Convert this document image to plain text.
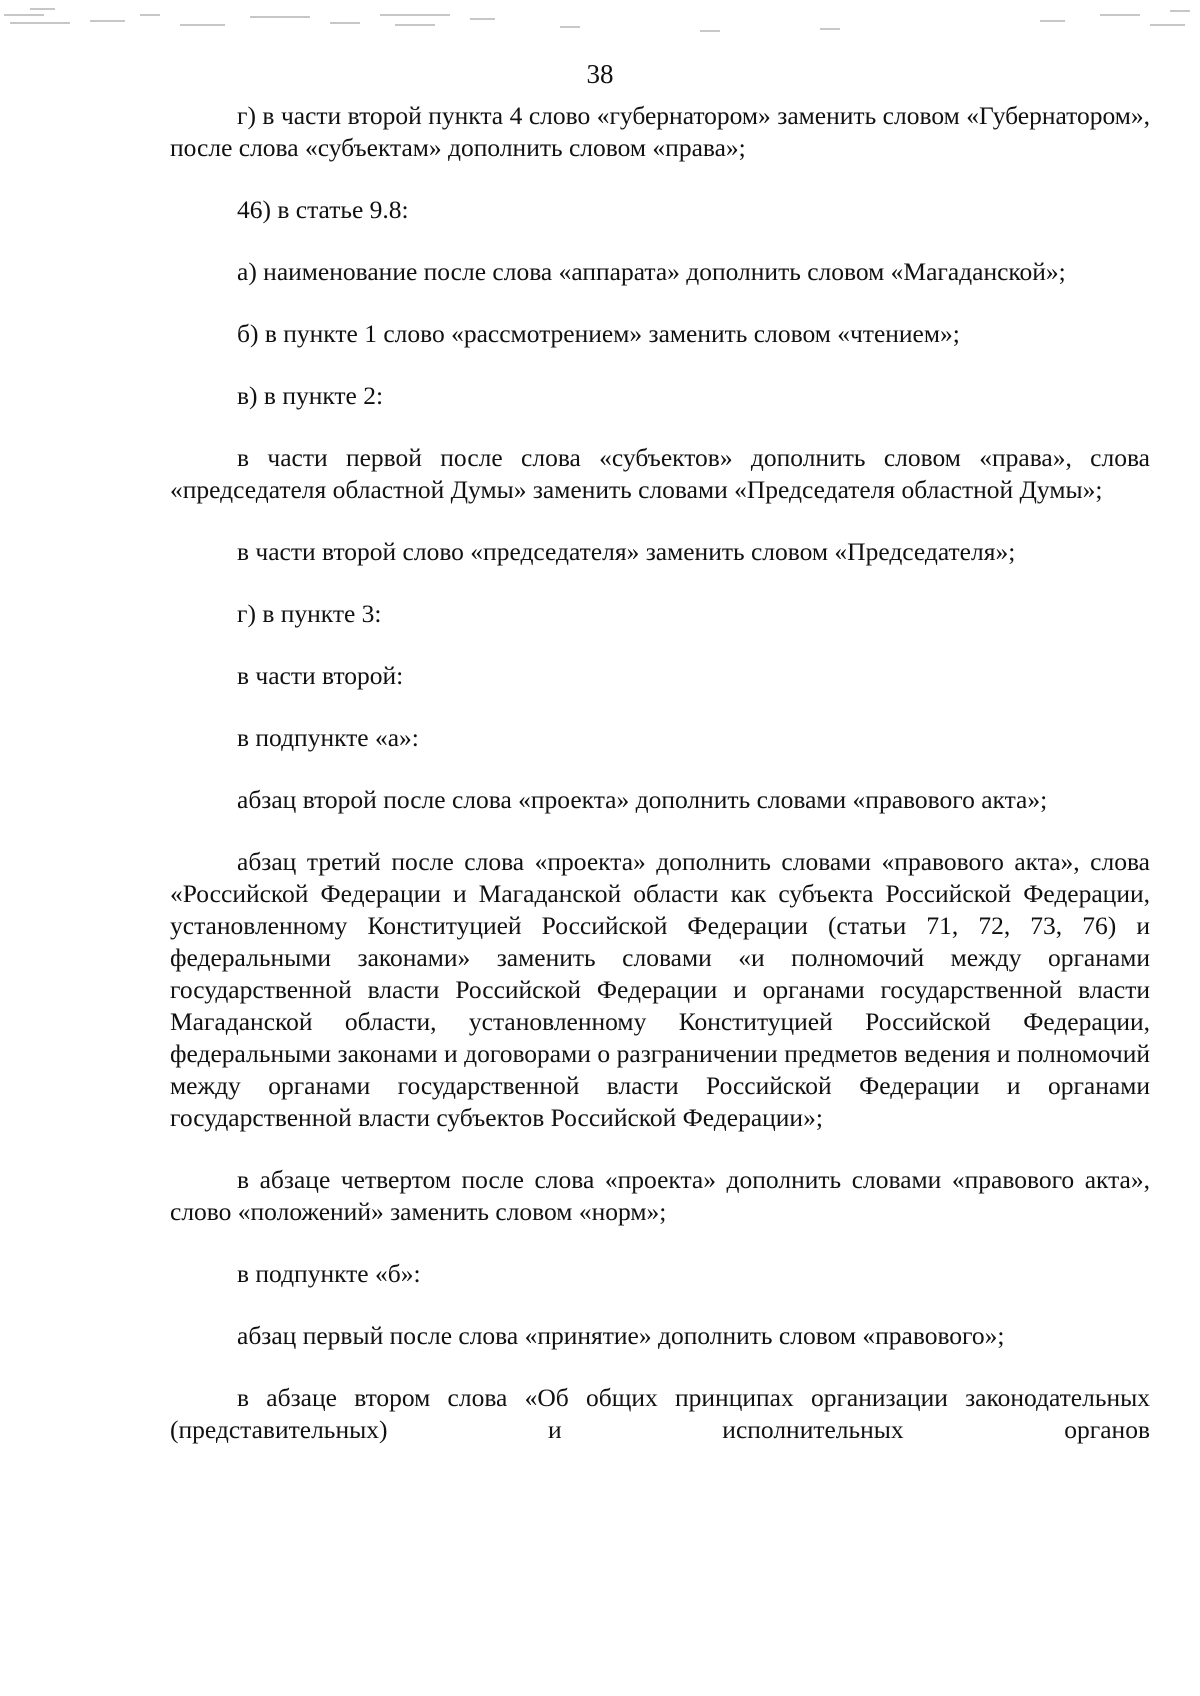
38

г) в части второй пункта 4 слово «губернатором» заменить словом «Губернатором», после слова «субъектам» дополнить словом «права»;

46) в статье 9.8:

а) наименование после слова «аппарата» дополнить словом «Магаданской»;

б) в пункте 1 слово «рассмотрением» заменить словом «чтением»;

в) в пункте 2:

в части первой после слова «субъектов» дополнить словом «права», слова «председателя областной Думы» заменить словами «Председателя областной Думы»;

в части второй слово «председателя» заменить словом «Председателя»;

г) в пункте 3:

в части второй:

в подпункте «а»:

абзац второй после слова «проекта» дополнить словами «правового акта»;

абзац третий после слова «проекта» дополнить словами «правового акта», слова «Российской Федерации и Магаданской области как субъекта Российской Федерации, установленному Конституцией Российской Федерации (статьи 71, 72, 73, 76) и федеральными законами» заменить словами «и полномочий между органами государственной власти Российской Федерации и органами государственной власти Магаданской области, установленному Конституцией Российской Федерации, федеральными законами и договорами о разграничении предметов ведения и полномочий между органами государственной власти Российской Федерации и органами государственной власти субъектов Российской Федерации»;

в абзаце четвертом после слова «проекта» дополнить словами «правового акта», слово «положений» заменить словом «норм»;

в подпункте «б»:

абзац первый после слова «принятие» дополнить словом «правового»;

в абзаце втором слова «Об общих принципах организации законодательных (представительных) и исполнительных органов
